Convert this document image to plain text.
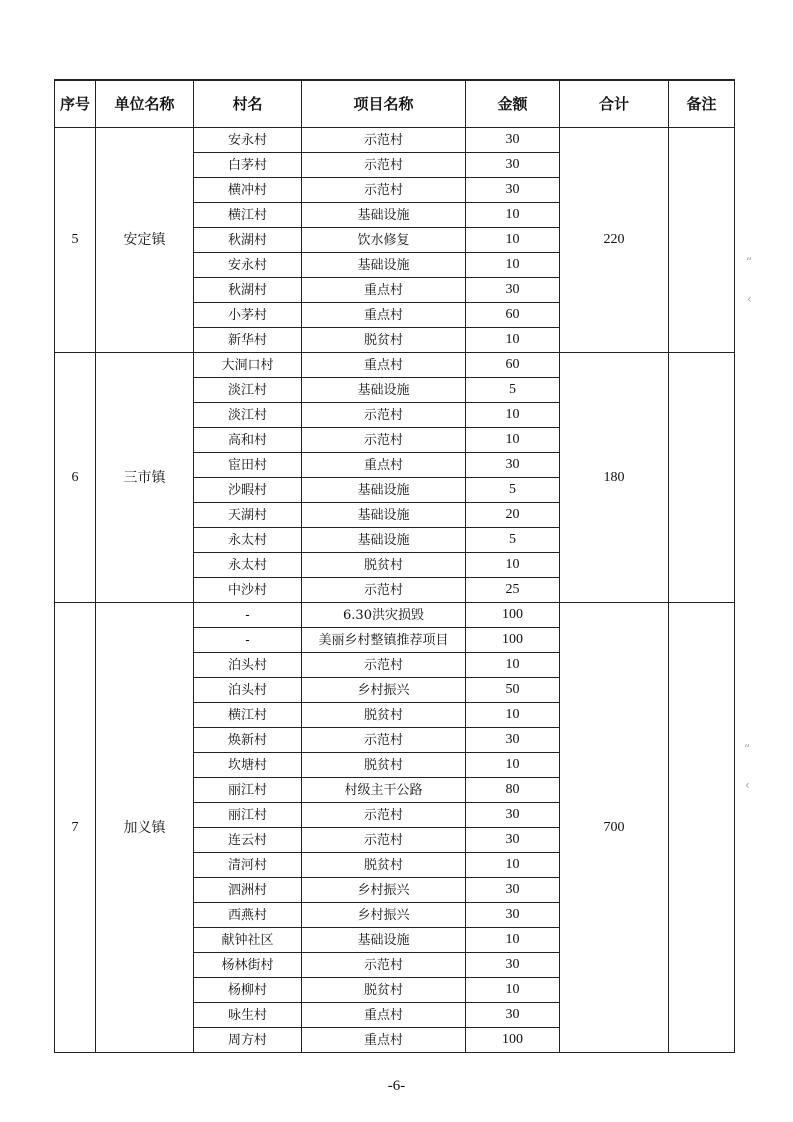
序号	单位名称	村名	项目名称	金额	合计	备注
5	安定镇	安永村	示范村	30	220	
		白茅村	示范村	30		
		横冲村	示范村	30		
		横江村	基础设施	10		
		秋湖村	饮水修复	10		
		安永村	基础设施	10		
		秋湖村	重点村	30		
		小茅村	重点村	60		
		新华村	脱贫村	10		
6	三市镇	大洞口村	重点村	60	180	
		淡江村	基础设施	5		
		淡江村	示范村	10		
		高和村	示范村	10		
		宦田村	重点村	30		
		沙暇村	基础设施	5		
		天湖村	基础设施	20		
		永太村	基础设施	5		
		永太村	脱贫村	10		
		中沙村	示范村	25		
7	加义镇	-	6.30洪灾损毁	100	700	
		-	美丽乡村整镇推荐项目	100		
		泊头村	示范村	10		
		泊头村	乡村振兴	50		
		横江村	脱贫村	10		
		焕新村	示范村	30		
		坎塘村	脱贫村	10		
		丽江村	村级主干公路	80		
		丽江村	示范村	30		
		连云村	示范村	30		
		清河村	脱贫村	10		
		泗洲村	乡村振兴	30		
		西燕村	乡村振兴	30		
		献钟社区	基础设施	10		
		杨林街村	示范村	30		
		杨柳村	脱贫村	10		
		咏生村	重点村	30		
		周方村	重点村	100		
-6-
“
‹
“
‹
